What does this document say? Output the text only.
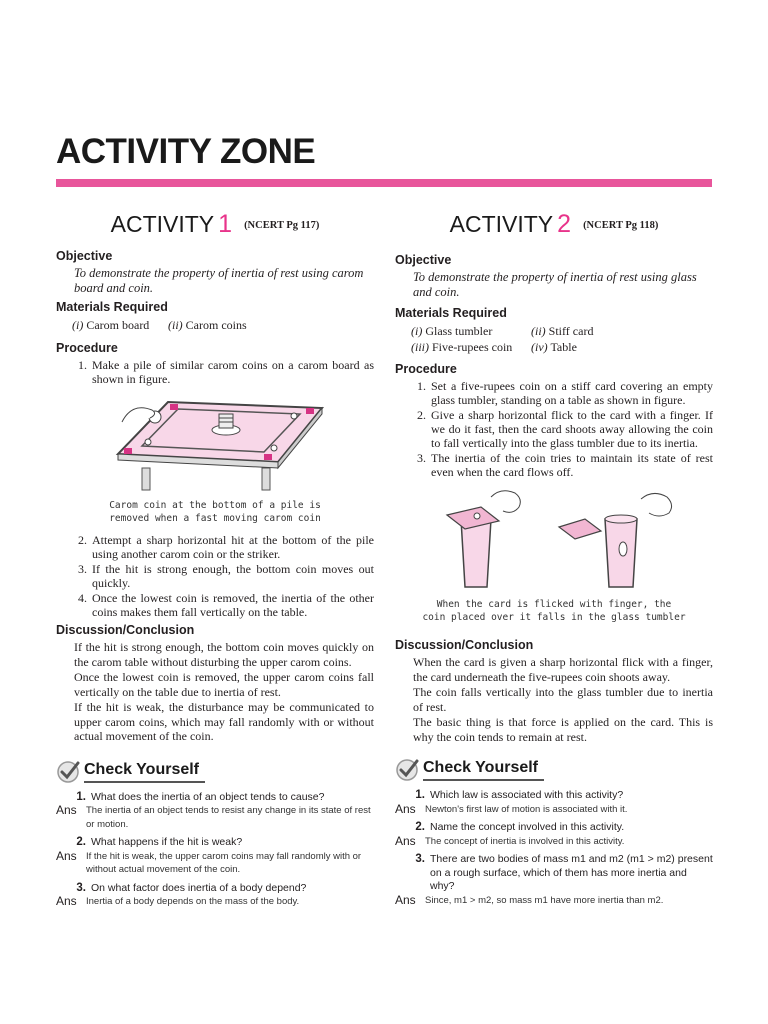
ACTIVITY ZONE
ACTIVITY 1 $^{(NCERT Pg 117)}$
Objective
To demonstrate the property of inertia of rest using carom board and coin.
Materials Required
(i) Carom board (ii) Carom coins
Procedure
1. Make a pile of similar carom coins on a carom board as shown in figure.
Carom coin at the bottom of a pile is
removed when a fast moving carom coin
2. Attempt a sharp horizontal hit at the bottom of the pile using another carom coin or the striker.
3. If the hit is strong enough, the bottom coin moves out quickly.
4. Once the lowest coin is removed, the inertia of the other coins makes them fall vertically on the table.
Discussion/Conclusion

If the hit is strong enough, the bottom coin moves quickly on the carom table without disturbing the upper carom coins.

Once the lowest coin is removed, the upper carom coins fall vertically on the table due to inertia of rest.

If the hit is weak, the disturbance may be communicated to upper carom coins, which may fall randomly with or without actual movement of the coin.

Check Yourself
1. What does the inertia of an object tends to cause?
Ans The inertia of an object tends to resist any change in its state of rest or motion.
2. What happens if the hit is weak?
Ans If the hit is weak, the upper carom coins may fall randomly with or without actual movement of the coin.
3. On what factor does inertia of a body depend?
Ans Inertia of a body depends on the mass of the body.
ACTIVITY 2 $^{(NCERT Pg 118)}$
Objective
To demonstrate the property of inertia of rest using glass and coin.
Materials Required
(i) Glass tumbler	(ii) Stiff card
(iii) Five-rupees coin (iv) Table
Procedure
1. Set a five-rupees coin on a stiff card covering an empty glass tumbler, standing on a table as shown in figure.
2. Give a sharp horizontal flick to the card with a finger. If we do it fast, then the card shoots away allowing the coin to fall vertically into the glass tumbler due to its inertia.
3. The inertia of the coin tries to maintain its state of rest even when the card flows off.
When the card is flicked with finger, the
coin placed over it falls in the glass tumbler
Discussion/Conclusion

When the card is given a sharp horizontal flick with a finger, the card underneath the five-rupees coin shoots away.

The coin falls vertically into the glass tumbler due to inertia of rest.

The basic thing is that force is applied on the card. This is why the coin tends to remain at rest.

Check Yourself
1. Which law is associated with this activity?
Ans Newton's first law of motion is associated with it.
2. Name the concept involved in this activity.
Ans The concept of inertia is involved in this activity.
3. There are two bodies of mass m1 and m2 (m1 > m2) present on a rough surface, which of them has more inertia and why?
Ans Since, m1 > m2, so mass m1 have more inertia than m2.
